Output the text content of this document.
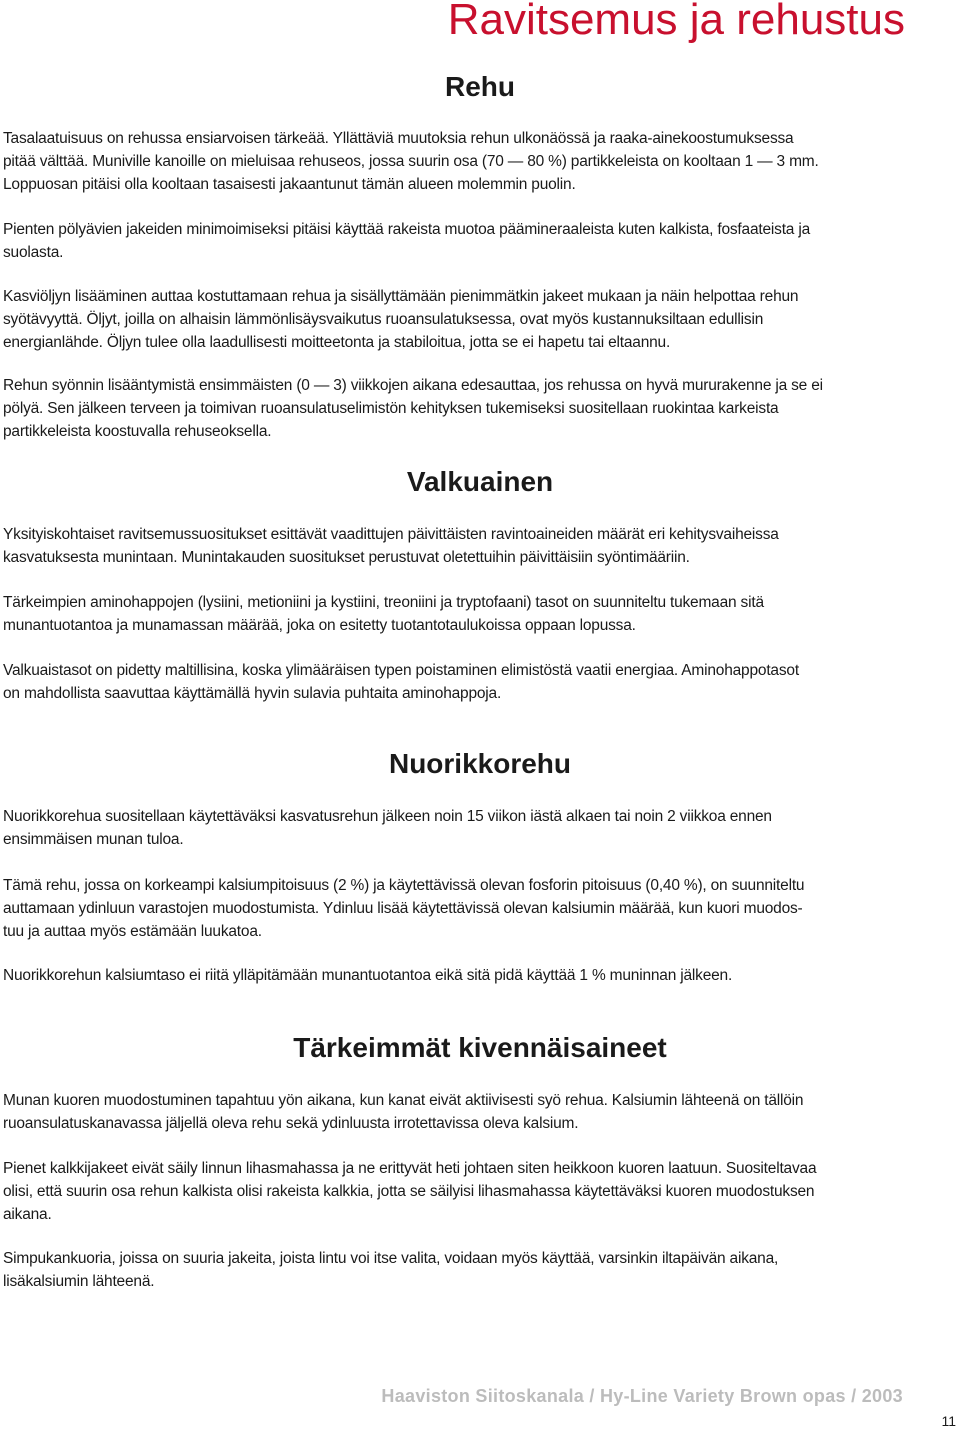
Ravitsemus ja rehustus
Rehu

Tasalaatuisuus on rehussa ensiarvoisen tärkeää. Yllättäviä muutoksia rehun ulkonäössä ja raaka-ainekoostumuksessa
pitää välttää. Muniville kanoille on mieluisaa rehuseos, jossa suurin osa (70 — 80 %) partikkeleista on kooltaan 1 — 3 mm.
Loppuosan pitäisi olla kooltaan tasaisesti jakaantunut tämän alueen molemmin puolin.

Pienten pölyävien jakeiden minimoimiseksi pitäisi käyttää rakeista muotoa päämineraaleista kuten kalkista, fosfaateista ja
suolasta.

Kasviöljyn lisääminen auttaa kostuttamaan rehua ja sisällyttämään pienimmätkin jakeet mukaan ja näin helpottaa rehun
syötävyyttä. Öljyt, joilla on alhaisin lämmönlisäysvaikutus ruoansulatuksessa, ovat myös kustannuksiltaan edullisin
energianlähde. Öljyn tulee olla laadullisesti moitteetonta ja stabiloitua, jotta se ei hapetu tai eltaannu.

Rehun syönnin lisääntymistä ensimmäisten (0 — 3) viikkojen aikana edesauttaa, jos rehussa on hyvä mururakenne ja se ei
pölyä. Sen jälkeen terveen ja toimivan ruoansulatuselimistön kehityksen tukemiseksi suositellaan ruokintaa karkeista
partikkeleista koostuvalla rehuseoksella.

Valkuainen

Yksityiskohtaiset ravitsemussuositukset esittävät vaadittujen päivittäisten ravintoaineiden määrät eri kehitysvaiheissa
kasvatuksesta munintaan. Munintakauden suositukset perustuvat oletettuihin päivittäisiin syöntimääriin.

Tärkeimpien aminohappojen (lysiini, metioniini ja kystiini, treoniini ja tryptofaani) tasot on suunniteltu tukemaan sitä
munantuotantoa ja munamassan määrää, joka on esitetty tuotantotaulukoissa oppaan lopussa.

Valkuaistasot on pidetty maltillisina, koska ylimääräisen typen poistaminen elimistöstä vaatii energiaa. Aminohappotasot
on mahdollista saavuttaa käyttämällä hyvin sulavia puhtaita aminohappoja.

Nuorikkorehu

Nuorikkorehua suositellaan käytettäväksi kasvatusrehun jälkeen noin 15 viikon iästä alkaen tai noin 2 viikkoa ennen
ensimmäisen munan tuloa.

Tämä rehu, jossa on korkeampi kalsiumpitoisuus (2 %) ja käytettävissä olevan fosforin pitoisuus (0,40 %), on suunniteltu
auttamaan ydinluun varastojen muodostumista. Ydinluu lisää käytettävissä olevan kalsiumin määrää, kun kuori muodos-
tuu ja auttaa myös estämään luukatoa.

Nuorikkorehun kalsiumtaso ei riitä ylläpitämään munantuotantoa eikä sitä pidä käyttää 1 % muninnan jälkeen.

Tärkeimmät kivennäisaineet

Munan kuoren muodostuminen tapahtuu yön aikana, kun kanat eivät aktiivisesti syö rehua. Kalsiumin lähteenä on tällöin
ruoansulatuskanavassa jäljellä oleva rehu sekä ydinluusta irrotettavissa oleva kalsium.

Pienet kalkkijakeet eivät säily linnun lihasmahassa ja ne erittyvät heti johtaen siten heikkoon kuoren laatuun. Suositeltavaa
olisi, että suurin osa rehun kalkista olisi rakeista kalkkia, jotta se säilyisi lihasmahassa käytettäväksi kuoren muodostuksen
aikana.

Simpukankuoria, joissa on suuria jakeita, joista lintu voi itse valita, voidaan myös käyttää, varsinkin iltapäivän aikana,
lisäkalsiumin lähteenä.

Haaviston Siitoskanala / Hy-Line Variety Brown opas / 2003
11
